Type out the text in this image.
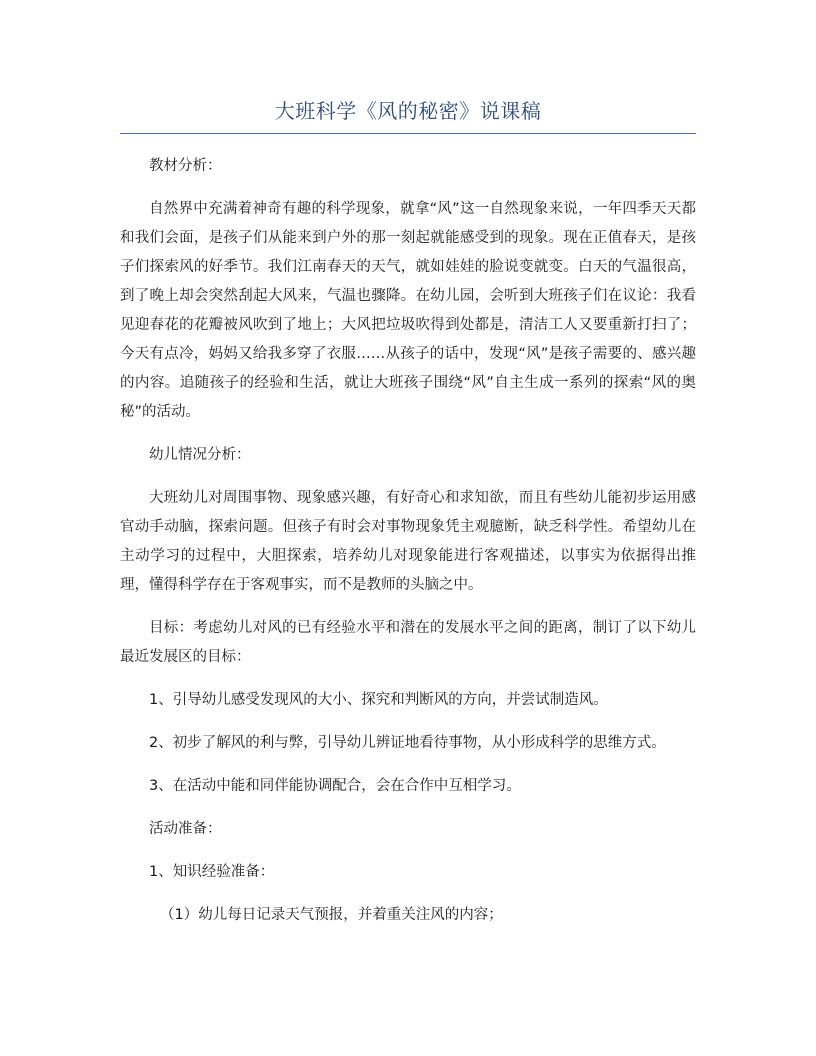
大班科学《风的秘密》说课稿

教材分析：

自然界中充满着神奇有趣的科学现象，就拿“风”这一自然现象来说，一年四季天天都和我们会面，是孩子们从能来到户外的那一刻起就能感受到的现象。现在正值春天，是孩子们探索风的好季节。我们江南春天的天气，就如娃娃的脸说变就变。白天的气温很高，到了晚上却会突然刮起大风来，气温也骤降。在幼儿园，会听到大班孩子们在议论：我看见迎春花的花瓣被风吹到了地上；大风把垃圾吹得到处都是，清洁工人又要重新打扫了；今天有点冷，妈妈又给我多穿了衣服……从孩子的话中，发现“风”是孩子需要的、感兴趣的内容。追随孩子的经验和生活，就让大班孩子围绕“风”自主生成一系列的探索“风的奥秘”的活动。

幼儿情况分析：

大班幼儿对周围事物、现象感兴趣，有好奇心和求知欲，而且有些幼儿能初步运用感官动手动脑，探索问题。但孩子有时会对事物现象凭主观臆断，缺乏科学性。希望幼儿在主动学习的过程中，大胆探索，培养幼儿对现象能进行客观描述，以事实为依据得出推理，懂得科学存在于客观事实，而不是教师的头脑之中。

目标：考虑幼儿对风的已有经验水平和潜在的发展水平之间的距离，制订了以下幼儿最近发展区的目标：

1、引导幼儿感受发现风的大小、探究和判断风的方向，并尝试制造风。

2、初步了解风的利与弊，引导幼儿辨证地看待事物，从小形成科学的思维方式。

3、在活动中能和同伴能协调配合，会在合作中互相学习。

活动准备：

1、知识经验准备：

（1）幼儿每日记录天气预报，并着重关注风的内容；
